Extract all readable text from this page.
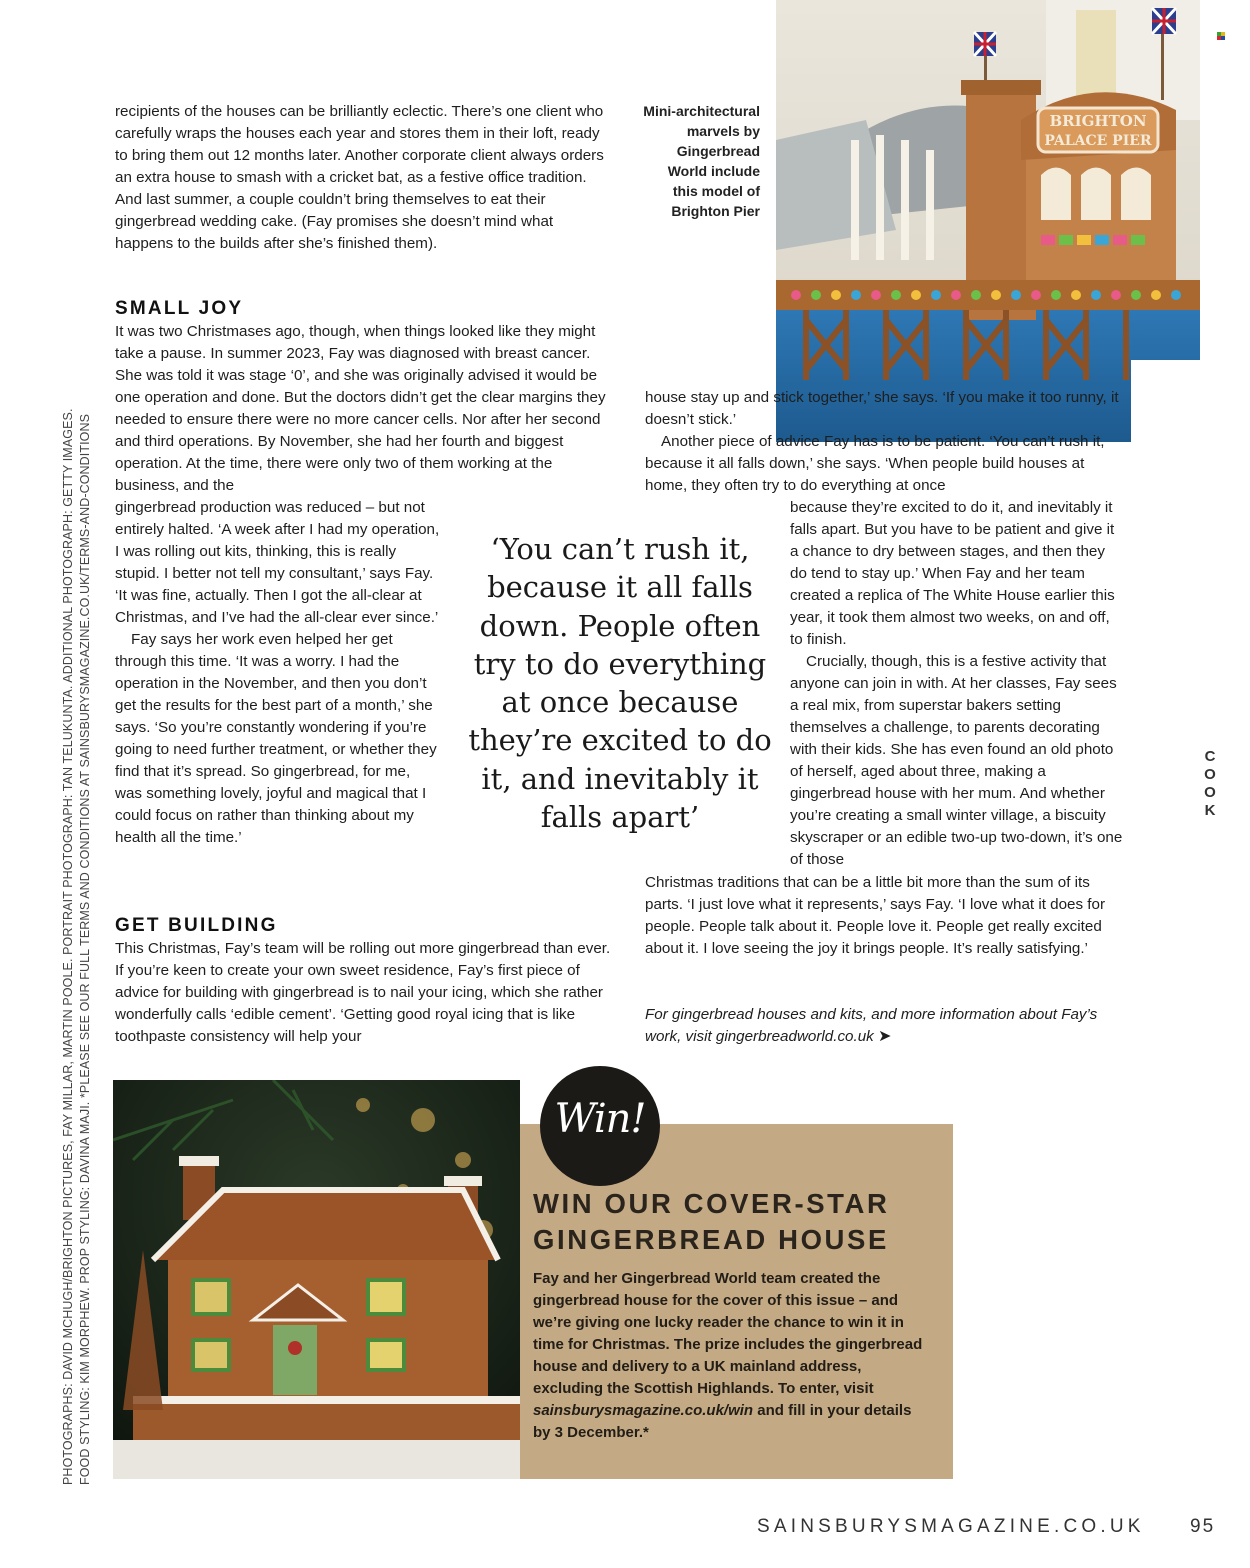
BRIGHTON
PALACE PIER
Mini-architectural
marvels by
Gingerbread
World include
this model of
Brighton Pier

recipients of the houses can be brilliantly eclectic. There’s one client who carefully wraps the houses each year and stores them in their loft, ready to bring them out 12 months later. Another corporate client always orders an extra house to smash with a cricket bat, as a festive office tradition. And last summer, a couple couldn’t bring themselves to eat their gingerbread wedding cake. (Fay promises she doesn’t mind what happens to the builds after she’s finished them).

SMALL JOY

It was two Christmases ago, though, when things looked like they might take a pause. In summer 2023, Fay was diagnosed with breast cancer. She was told it was stage ‘0’, and she was originally advised it would be one operation and done. But the doctors didn’t get the clear margins they needed to ensure there were no more cancer cells. Nor after her second and third operations. By November, she had her fourth and biggest operation. At the time, there were only two of them working at the business, and the

gingerbread production was reduced – but not entirely halted. ‘A week after I had my operation, I was rolling out kits, thinking, this is really stupid. I better not tell my consultant,’ says Fay. ‘It was fine, actually. Then I got the all-clear at Christmas, and I’ve had the all-clear ever since.’

Fay says her work even helped her get through this time. ‘It was a worry. I had the operation in the November, and then you don’t get the results for the best part of a month,’ she says. ‘So you’re constantly wondering if you’re going to need further treatment, or whether they find that it’s spread. So gingerbread, for me, was something lovely, joyful and magical that I could focus on rather than thinking about my health all the time.’

GET BUILDING

This Christmas, Fay’s team will be rolling out more gingerbread than ever. If you’re keen to create your own sweet residence, Fay’s first piece of advice for building with gingerbread is to nail your icing, which she rather wonderfully calls ‘edible cement’. ‘Getting good royal icing that is like toothpaste consistency will help your

‘You can’t rush it, because it all falls down. People often try to do everything at once because they’re excited to do it, and inevitably it falls apart’

house stay up and stick together,’ she says. ‘If you make it too runny, it doesn’t stick.’

Another piece of advice Fay has is to be patient. ‘You can’t rush it, because it all falls down,’ she says. ‘When people build houses at home, they often try to do everything at once

because they’re excited to do it, and inevitably it falls apart. But you have to be patient and give it a chance to dry between stages, and then they do tend to stay up.’ When Fay and her team created a replica of The White House earlier this year, it took them almost two weeks, on and off, to finish.

Crucially, though, this is a festive activity that anyone can join in with. At her classes, Fay sees a real mix, from superstar bakers setting themselves a challenge, to parents decorating with their kids. She has even found an old photo of herself, aged about three, making a gingerbread house with her mum. And whether you’re creating a small winter village, a biscuity skyscraper or an edible two-up two-down, it’s one of those

Christmas traditions that can be a little bit more than the sum of its parts. ‘I just love what it represents,’ says Fay. ‘I love what it does for people. People talk about it. People love it. People get really excited about it. I love seeing the joy it brings people. It’s really satisfying.’

For gingerbread houses and kits, and more information about Fay’s work, visit gingerbreadworld.co.uk ➤
PHOTOGRAPHS: DAVID MCHUGH/BRIGHTON PICTURES, FAY MILLAR, MARTIN POOLE. PORTRAIT PHOTOGRAPH: TAN TELUKUNTA. ADDITIONAL PHOTOGRAPH: GETTY IMAGES. FOOD STYLING: KIM MORPHEW. PROP STYLING: DAVINA MAJI. *PLEASE SEE OUR FULL TERMS AND CONDITIONS AT SAINSBURYSMAGAZINE.CO.UK/TERMS-AND-CONDITIONS	C
O
O
K
Win!
WIN OUR COVER-STAR
GINGERBREAD HOUSE
Fay and her Gingerbread World team created the gingerbread house for the cover of this issue – and we’re giving one lucky reader the chance to win it in time for Christmas. The prize includes the gingerbread house and delivery to a UK mainland address, excluding the Scottish Highlands. To enter, visit sainsburysmagazine.co.uk/win and fill in your details by 3 December.*
SAINSBURYSMAGAZINE.CO.UK 95
